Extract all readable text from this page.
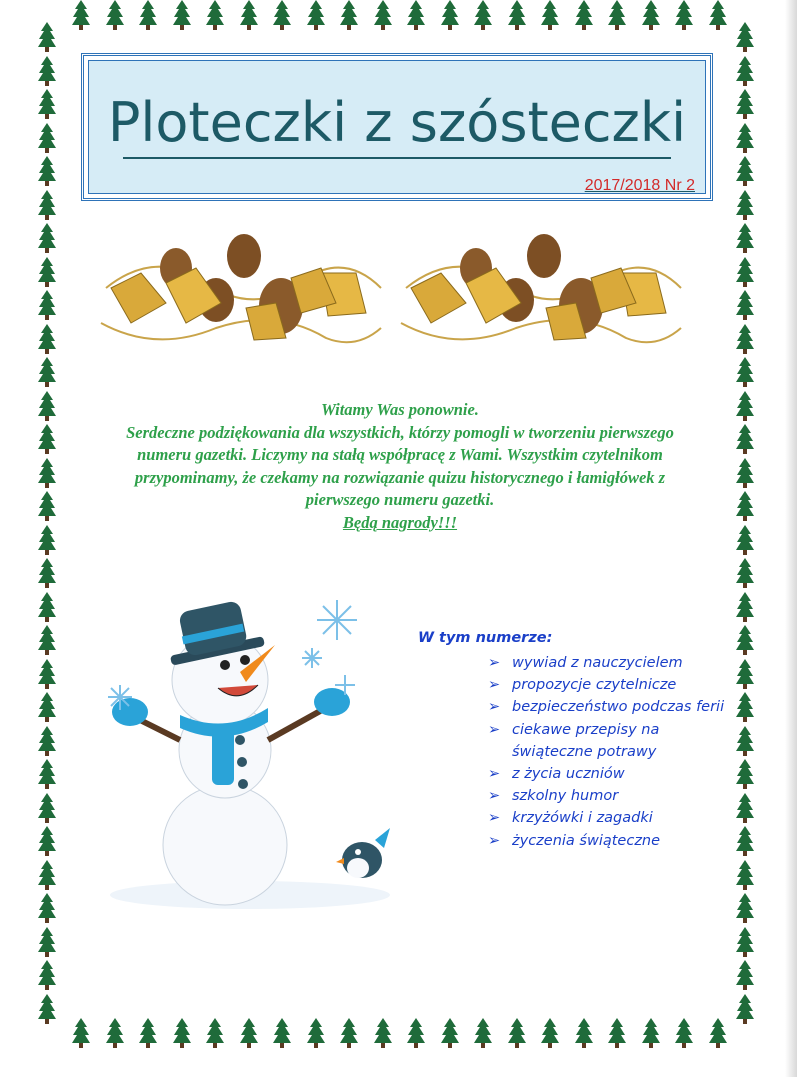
Ploteczki z szósteczki
2017/2018 Nr 2

Witamy Was ponownie.

Serdeczne podziękowania dla wszystkich, którzy pomogli w tworzeniu pierwszego numeru gazetki. Liczymy na stałą współpracę z Wami. Wszystkim czytelnikom przypominamy, że czekamy na rozwiązanie quizu historycznego i łamigłówek z pierwszego numeru gazetki.

Będą nagrody!!!

W tym numerze:
➢ wywiad z nauczycielem
➢ propozycje czytelnicze
➢ bezpieczeństwo podczas ferii
➢ ciekawe przepisy na świąteczne potrawy
➢ z życia uczniów
➢ szkolny humor
➢ krzyżówki i zagadki
➢ życzenia świąteczne
